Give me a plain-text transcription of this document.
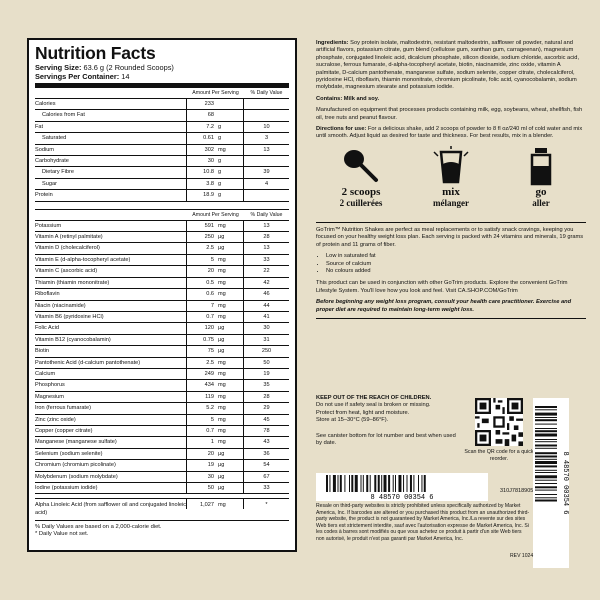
Nutrition Facts
Serving Size: 63.6 g (2 Rounded Scoops)
Servings Per Container: 14
Amount Per Serving	% Daily Value
Calories	233
Calories from Fat	68
Fat	7.2 g	10
Saturated	0.61 g	3
Sodium	302 mg	13
Carbohydrate	30 g
Dietary Fibre	10.8 g	39
Sugar	3.8 g	4
Protein	18.9 g
Amount Per Serving	% Daily Value
Potassium	591 mg	13
Vitamin A (retinyl palmitate)	250 µg	28
Vitamin D (cholecalciferol)	2.5 µg	13
Vitamin E (d-alpha-tocopheryl acetate)	5 mg	33
Vitamin C (ascorbic acid)	20 mg	22
Thiamin (thiamin mononitrate)	0.5 mg	42
Riboflavin	0.6 mg	46
Niacin (niacinamide)	7 mg	44
Vitamin B6 (pyridoxine HCl)	0.7 mg	41
Folic Acid	120 µg	30
Vitamin B12 (cyanocobalamin)	0.75 µg	31
Biotin	75 µg	250
Pantothenic Acid (d-calcium pantothenate)	2.5 mg	50
Calcium	249 mg	19
Phosphorus	434 mg	35
Magnesium	119 mg	28
Iron (ferrous fumarate)	5.2 mg	29
Zinc (zinc oxide)	5 mg	45
Copper (copper citrate)	0.7 mg	78
Manganese (manganese sulfate)	1 mg	43
Selenium (sodium selenite)	20 µg	36
Chromium (chromium picolinate)	19 µg	54
Molybdenum (sodium molybdate)	30 µg	67
Iodine (potassium iodide)	50 µg	33
Alpha Linoleic Acid (from safflower oil and conjugated linoleic acid)
1,027 mg	*
% Daily Values are based on a 2,000-calorie diet.
* Daily Value not set.

Ingredients: Soy protein isolate, maltodextrin, resistant maltodextrin, safflower oil powder, natural and artificial flavors, potassium citrate, gum blend (cellulose gum, xanthan gum, carrageenan), magnesium phosphate, conjugated linoleic acid, dicalcium phosphate, silicon dioxide, sodium chloride, ascorbic acid, sucralose, ferrous fumarate, d-alpha-tocopheryl acetate, biotin, niacinamide, zinc oxide, vitamin A palmitate, D-calcium pantothenate, manganese sulfate, sodium selenite, copper citrate, cholecalciferol, pyridoxine HCl, riboflavin, thiamin mononitrate, chromium picolinate, folic acid, cyanocobalamin, sodium molybdate, magnesium stearate and potassium iodide.

Contains: Milk and soy.

Manufactured on equipment that processes products containing milk, egg, soybeans, wheat, shellfish, fish oil, tree nuts and peanut flavour.

Directions for use: For a delicious shake, add 2 scoops of powder to 8 fl oz/240 ml of cold water and mix until smooth. Adjust liquid as desired for taste and thickness. For best results, mix in a blender.

2 scoops
2 cuillerées
mix
mélanger
go
aller

GoTrim™ Nutrition Shakes are perfect as meal replacements or to satisfy snack cravings, keeping you focused on your healthy weight loss plan. Each serving is packed with 24 vitamins and minerals, 19 grams of protein and 11 grams of fiber.

• Low in saturated fat
• Source of calcium
• No colours added

This product can be used in conjunction with other GoTrim products. Explore the convenient GoTrim Lifestyle System. You'll love how you look and feel. Visit CA.SHOP.COM/GoTrim

Before beginning any weight loss program, consult your health care practitioner. Exercise and proper diet are required to maintain long-term weight loss.

KEEP OUT OF THE REACH OF CHILDREN.
Do not use if safety seal is broken or missing.
Protect from heat, light and moisture.
Store at 15–30°C (59–86°F).
See canister bottom for lot number and best when used by date.
Scan the QR code for a quick reorder.
8 48570 00354 6
310J7818905	8 48570 00354 6
Resale on third-party websites is strictly prohibited unless specifically authorized by Market America, Inc. If barcodes are altered or you purchased this product from an unauthorized third-party website, the product is not guaranteed by Market America, Inc./La revente sur des sites Web tiers est strictement interdite, sauf avec l'autorisation expresse de Market America, Inc. Si les codes à barres sont modifiés ou que vous achetez ce produit à partir d'un site Web tiers non autorisé, le produit n'est pas garanti par Market America, Inc.
REV 1024
